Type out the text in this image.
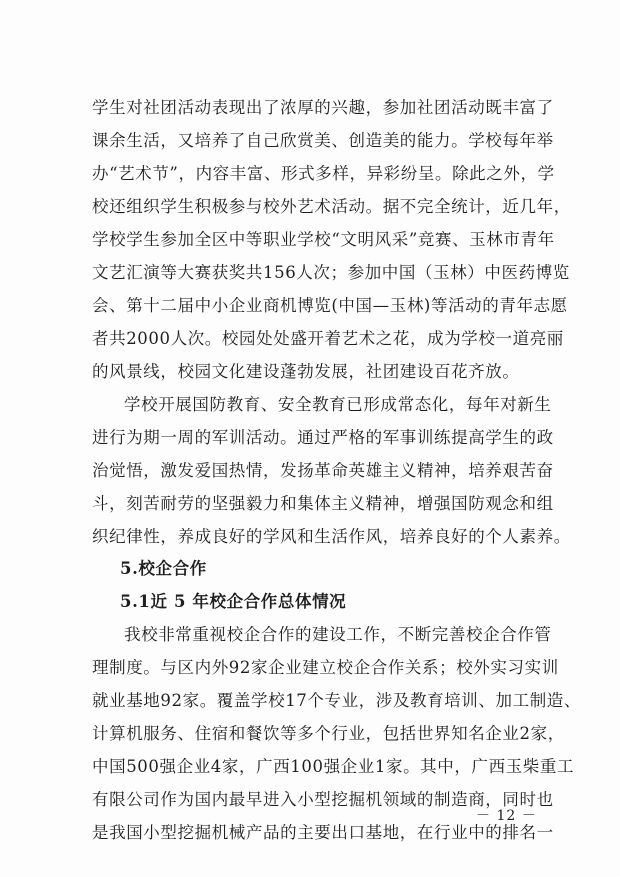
学生对社团活动表现出了浓厚的兴趣，参加社团活动既丰富了
课余生活，又培养了自己欣赏美、创造美的能力。学校每年举
办“艺术节”，内容丰富、形式多样，异彩纷呈。除此之外，学
校还组织学生积极参与校外艺术活动。据不完全统计，近几年，
学校学生参加全区中等职业学校“文明风采”竞赛、玉林市青年
文艺汇演等大赛获奖共156人次；参加中国（玉林）中医药博览
会、第十二届中小企业商机博览(中国—玉林)等活动的青年志愿
者共2000人次。校园处处盛开着艺术之花，成为学校一道亮丽
的风景线，校园文化建设蓬勃发展，社团建设百花齐放。
学校开展国防教育、安全教育已形成常态化，每年对新生
进行为期一周的军训活动。通过严格的军事训练提高学生的政
治觉悟，激发爱国热情，发扬革命英雄主义精神，培养艰苦奋
斗，刻苦耐劳的坚强毅力和集体主义精神，增强国防观念和组
织纪律性，养成良好的学风和生活作风，培养良好的个人素养。
5.校企合作
5.1近 5 年校企合作总体情况
我校非常重视校企合作的建设工作，不断完善校企合作管
理制度。与区内外92家企业建立校企合作关系；校外实习实训
就业基地92家。覆盖学校17个专业，涉及教育培训、加工制造、
计算机服务、住宿和餐饮等多个行业，包括世界知名企业2家，
中国500强企业4家，广西100强企业1家。其中，广西玉柴重工
有限公司作为国内最早进入小型挖掘机领域的制造商，同时也
是我国小型挖掘机械产品的主要出口基地，在行业中的排名一
－ 12 －
